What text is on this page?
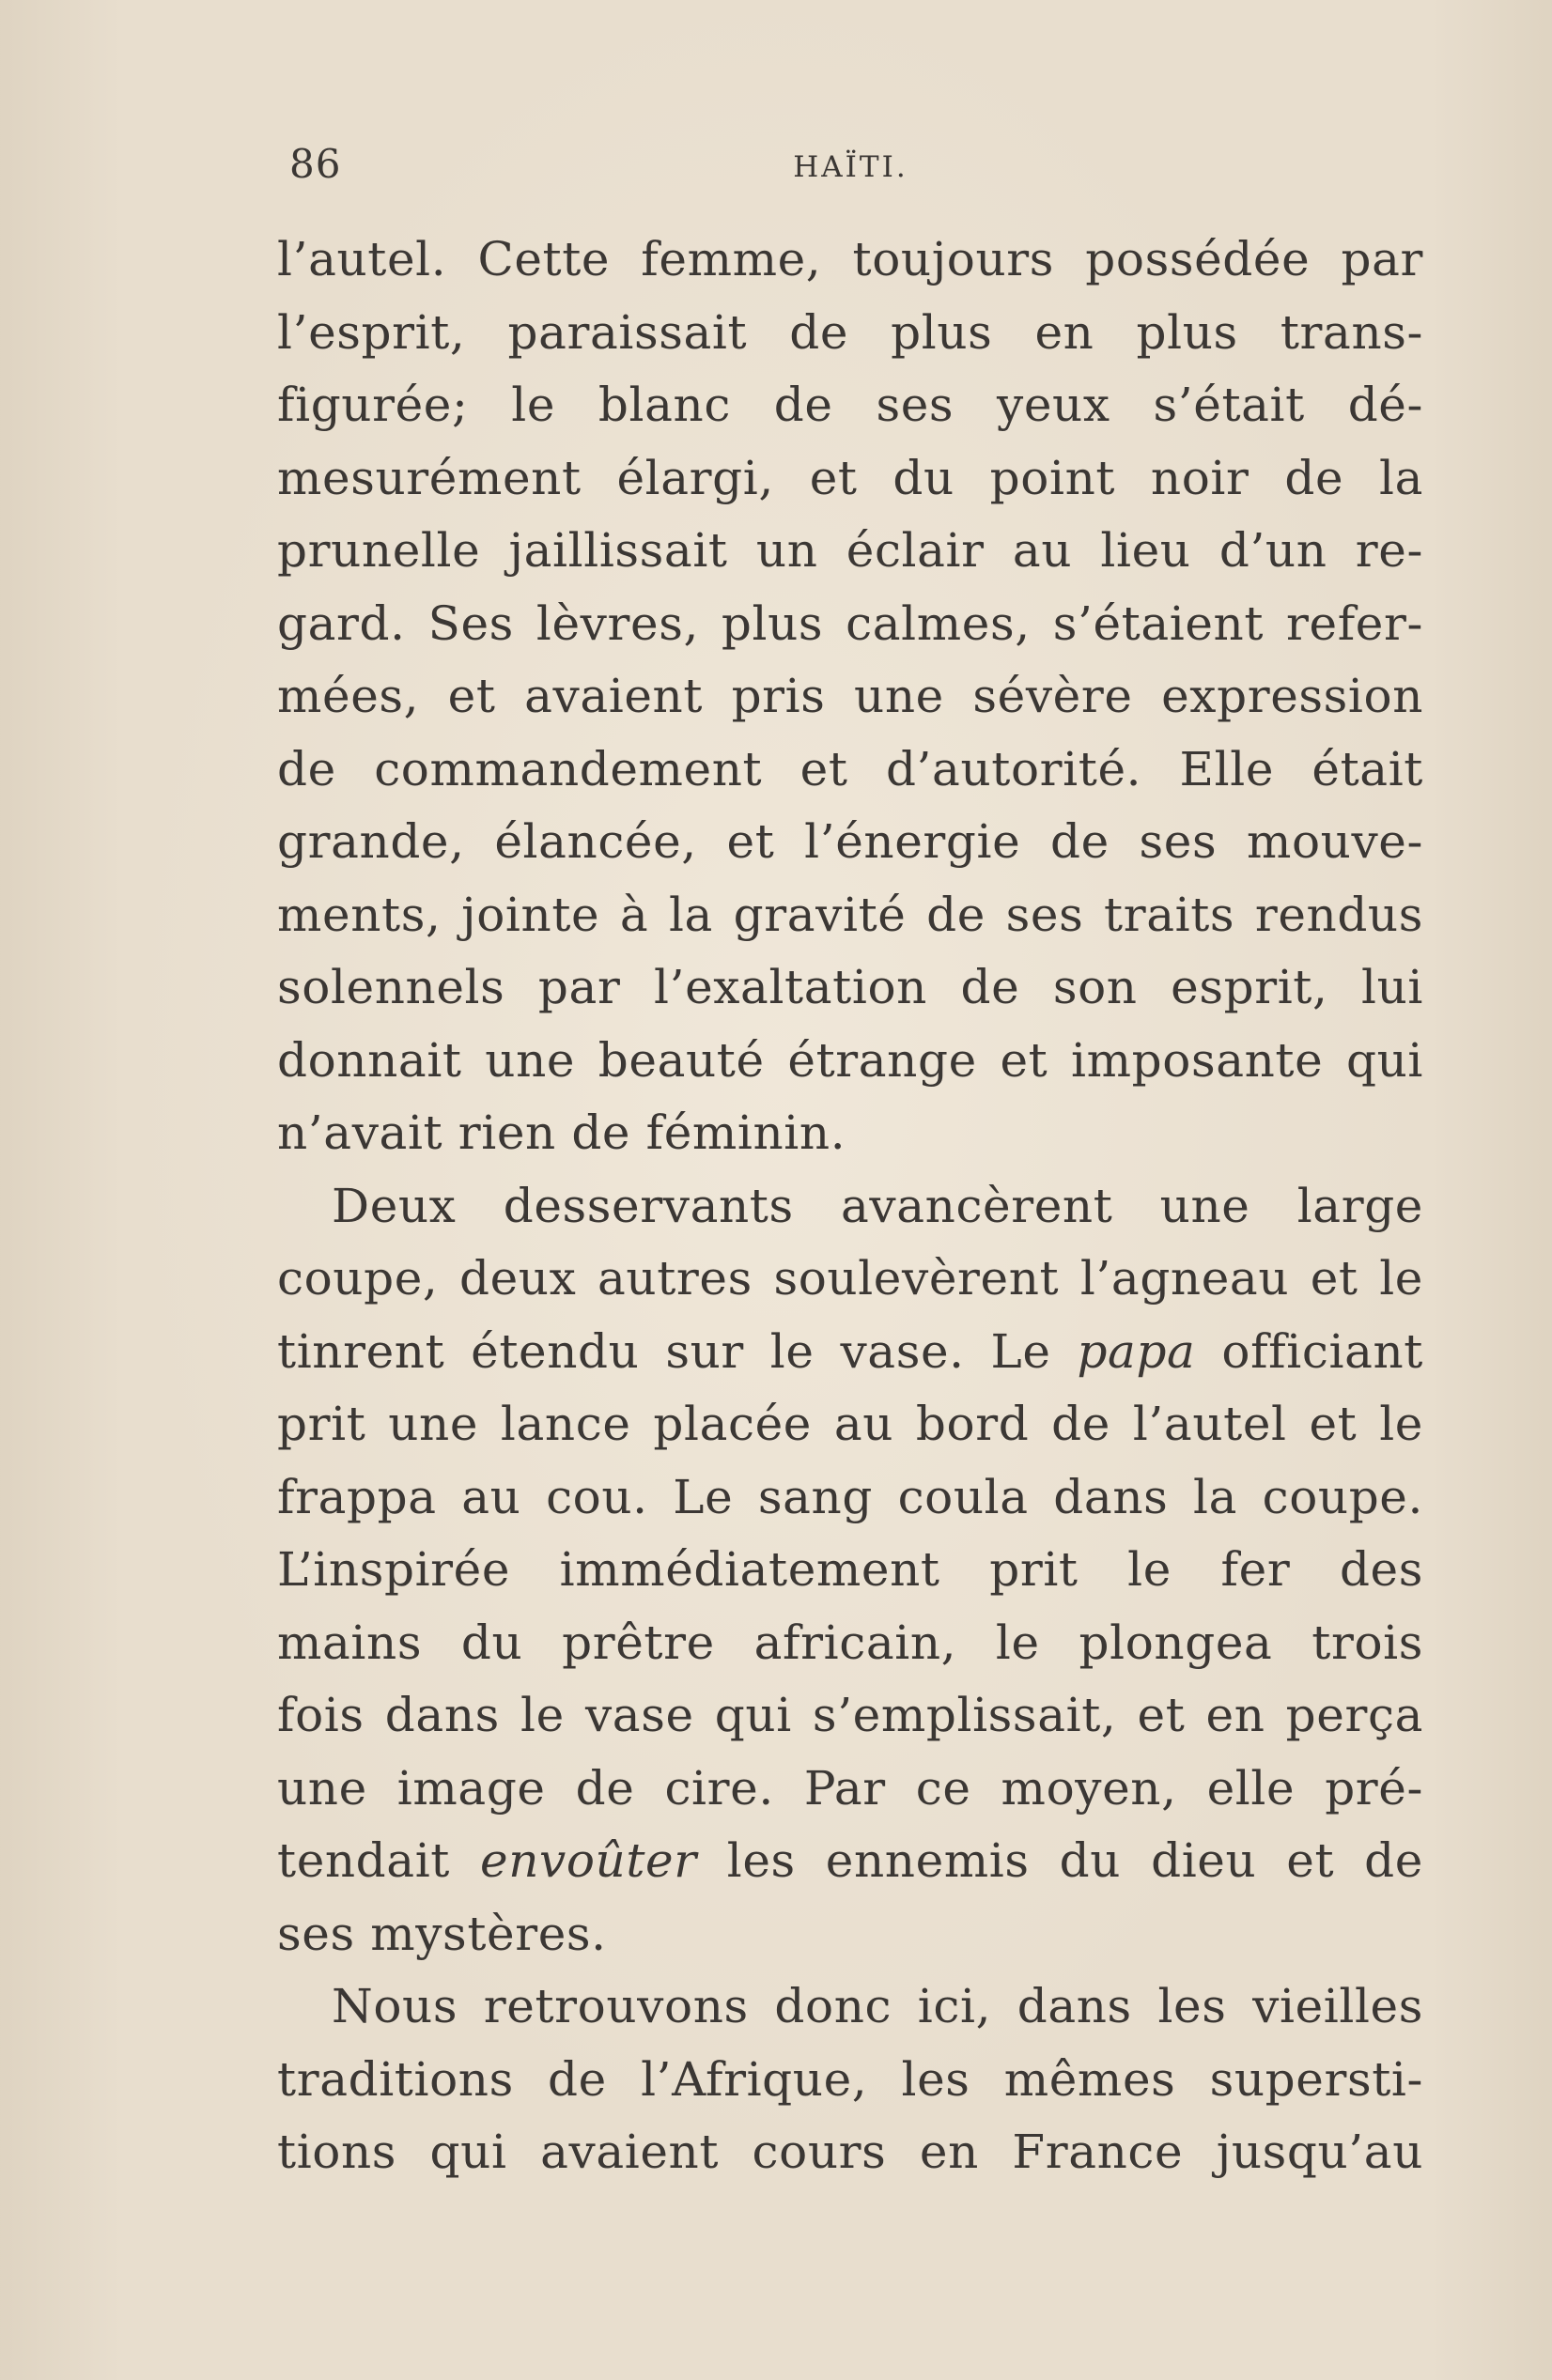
86	HAÏTI.
l’autel. Cette femme, toujours possédée par
l’esprit, paraissait de plus en plus trans-
figurée; le blanc de ses yeux s’était dé-
mesurément élargi, et du point noir de la
prunelle jaillissait un éclair au lieu d’un re-
gard. Ses lèvres, plus calmes, s’étaient refer-
mées, et avaient pris une sévère expression
de commandement et d’autorité. Elle était
grande, élancée, et l’énergie de ses mouve-
ments, jointe à la gravité de ses traits rendus
solennels par l’exaltation de son esprit, lui
donnait une beauté étrange et imposante qui
n’avait rien de féminin.
Deux desservants avancèrent une large
coupe, deux autres soulevèrent l’agneau et le
tinrent étendu sur le vase. Le papa officiant
prit une lance placée au bord de l’autel et le
frappa au cou. Le sang coula dans la coupe.
L’inspirée immédiatement prit le fer des
mains du prêtre africain, le plongea trois
fois dans le vase qui s’emplissait, et en perça
une image de cire. Par ce moyen, elle pré-
tendait envoûter les ennemis du dieu et de
ses mystères.
Nous retrouvons donc ici, dans les vieilles
traditions de l’Afrique, les mêmes supersti-
tions qui avaient cours en France jusqu’au
